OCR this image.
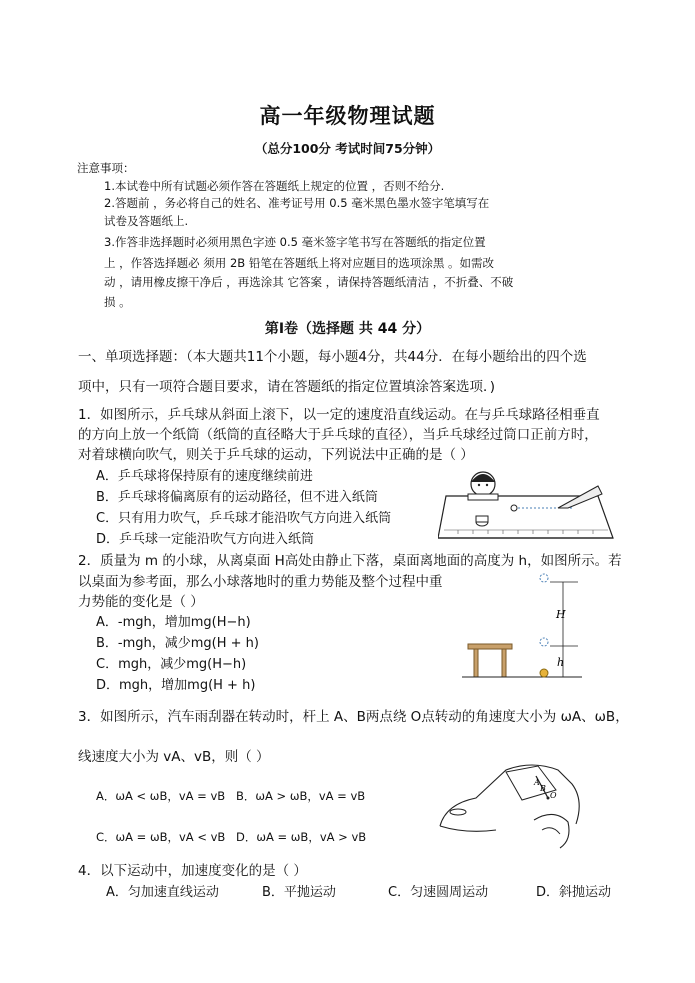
高一年级物理试题
（总分100分 考试时间75分钟）
注意事项：
1.本试卷中所有试题必须作答在答题纸上规定的位置 ，否则不给分.
2.答题前 ，务必将自己的姓名、准考证号用 0.5 毫米黑色墨水签字笔填写在
试卷及答题纸上.
3.作答非选择题时必须用黑色字迹 0.5 毫米签字笔书写在答题纸的指定位置
上 ，作答选择题必 须用 2B 铅笔在答题纸上将对应题目的选项涂黑 。如需改
动 ，请用橡皮擦干净后 ，再选涂其 它答案 ，请保持答题纸清洁 ，不折叠、不破
损 。
第Ⅰ卷（选择题 共 44 分）
一、单项选择题：（本大题共11个小题，每小题4分，共44分．在每小题给出的四个选
项中，只有一项符合题目要求，请在答题纸的指定位置填涂答案选项．)
1．如图所示，乒乓球从斜面上滚下，以一定的速度沿直线运动。在与乒乓球路径相垂直
的方向上放一个纸筒（纸筒的直径略大于乒乓球的直径），当乒乓球经过筒口正前方时，
对着球横向吹气，则关于乒乓球的运动，下列说法中正确的是（ ）
A．乒乓球将保持原有的速度继续前进
B．乒乓球将偏离原有的运动路径，但不进入纸筒
C．只有用力吹气，乒乓球才能沿吹气方向进入纸筒
D．乒乓球一定能沿吹气方向进入纸筒
2．质量为 m 的小球，从离桌面 H高处由静止下落，桌面离地面的高度为 h，如图所示。若
以桌面为参考面，那么小球落地时的重力势能及整个过程中重
力势能的变化是（ ）
A．-mgh，增加mg(H−h)
B．-mgh，减少mg(H + h)
C．mgh，减少mg(H−h)
D．mgh，增加mg(H + h)
H
h
3．如图所示，汽车雨刮器在转动时，杆上 A、B两点绕 O点转动的角速度大小为 ωA、ωB，
线速度大小为 vA、vB，则（ ）
A．ωA < ωB，vA = vB B．ωA > ωB，vA = vB
C．ωA = ωB，vA < vB D．ωA = ωB，vA > vB
A
B
O
4．以下运动中，加速度变化的是（ ）
A．匀加速直线运动	B．平抛运动	C．匀速圆周运动	D．斜抛运动
